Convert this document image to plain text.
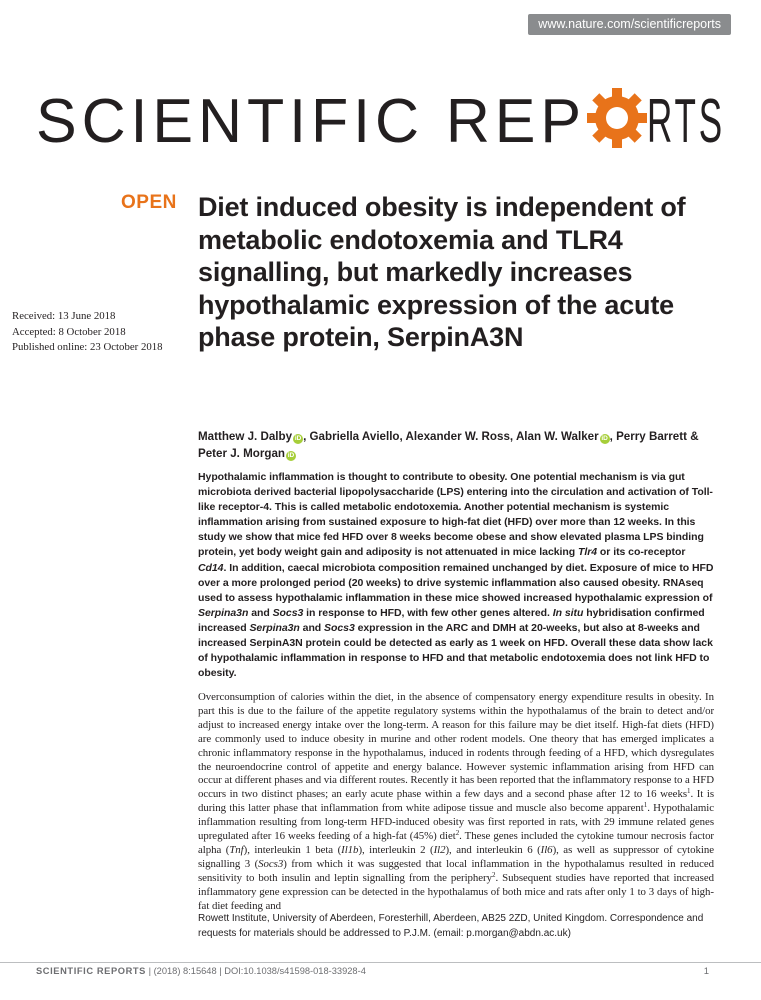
www.nature.com/scientificreports
SCIENTIFIC REP RTS
OPEN Diet induced obesity is independent of metabolic endotoxemia and TLR4 signalling, but markedly increases hypothalamic expression of the acute phase protein, SerpinA3N
Received: 13 June 2018
Accepted: 8 October 2018
Published online: 23 October 2018
Matthew J. Dalby iD , Gabriella Aviello, Alexander W. Ross, Alan W. Walker iD , Perry Barrett &
Peter J. Morgan iD

Hypothalamic inflammation is thought to contribute to obesity. One potential mechanism is via gut microbiota derived bacterial lipopolysaccharide (LPS) entering into the circulation and activation of Toll-like receptor-4. This is called metabolic endotoxemia. Another potential mechanism is systemic inflammation arising from sustained exposure to high-fat diet (HFD) over more than 12 weeks. In this study we show that mice fed HFD over 8 weeks become obese and show elevated plasma LPS binding protein, yet body weight gain and adiposity is not attenuated in mice lacking Tlr4 or its co-receptor Cd14. In addition, caecal microbiota composition remained unchanged by diet. Exposure of mice to HFD over a more prolonged period (20 weeks) to drive systemic inflammation also caused obesity. RNAseq used to assess hypothalamic inflammation in these mice showed increased hypothalamic expression of Serpina3n and Socs3 in response to HFD, with few other genes altered. In situ hybridisation confirmed increased Serpina3n and Socs3 expression in the ARC and DMH at 20-weeks, but also at 8-weeks and increased SerpinA3N protein could be detected as early as 1 week on HFD. Overall these data show lack of hypothalamic inflammation in response to HFD and that metabolic endotoxemia does not link HFD to obesity.

Overconsumption of calories within the diet, in the absence of compensatory energy expenditure results in obesity. In part this is due to the failure of the appetite regulatory systems within the hypothalamus of the brain to detect and/or adjust to increased energy intake over the long-term. A reason for this failure may be diet itself. High-fat diets (HFD) are commonly used to induce obesity in murine and other rodent models. One theory that has emerged implicates a chronic inflammatory response in the hypothalamus, induced in rodents through feeding of a HFD, which dysregulates the neuroendocrine control of appetite and energy balance. However systemic inflammation arising from HFD can occur at different phases and via different routes. Recently it has been reported that the inflammatory response to a HFD occurs in two distinct phases; an early acute phase within a few days and a second phase after 12 to 16 weeks$^1$. It is during this latter phase that inflammation from white adipose tissue and muscle also become apparent$^1$. Hypothalamic inflammation resulting from long-term HFD-induced obesity was first reported in rats, with 29 immune related genes upregulated after 16 weeks feeding of a high-fat (45%) diet$^2$. These genes included the cytokine tumour necrosis factor alpha (Tnf), interleukin 1 beta (Il1b), interleukin 2 (Il2), and interleukin 6 (Il6), as well as suppressor of cytokine signalling 3 (Socs3) from which it was suggested that local inflammation in the hypothalamus resulted in reduced sensitivity to both insulin and leptin signalling from the periphery$^2$. Subsequent studies have reported that increased inflammatory gene expression can be detected in the hypothalamus of both mice and rats after only 1 to 3 days of high-fat diet feeding and

Rowett Institute, University of Aberdeen, Foresterhill, Aberdeen, AB25 2ZD, United Kingdom. Correspondence and requests for materials should be addressed to P.J.M. (email: p.morgan@abdn.ac.uk)

SCIENTIFIC REPORTS | (2018) 8:15648 | DOI:10.1038/s41598-018-33928-4	1
